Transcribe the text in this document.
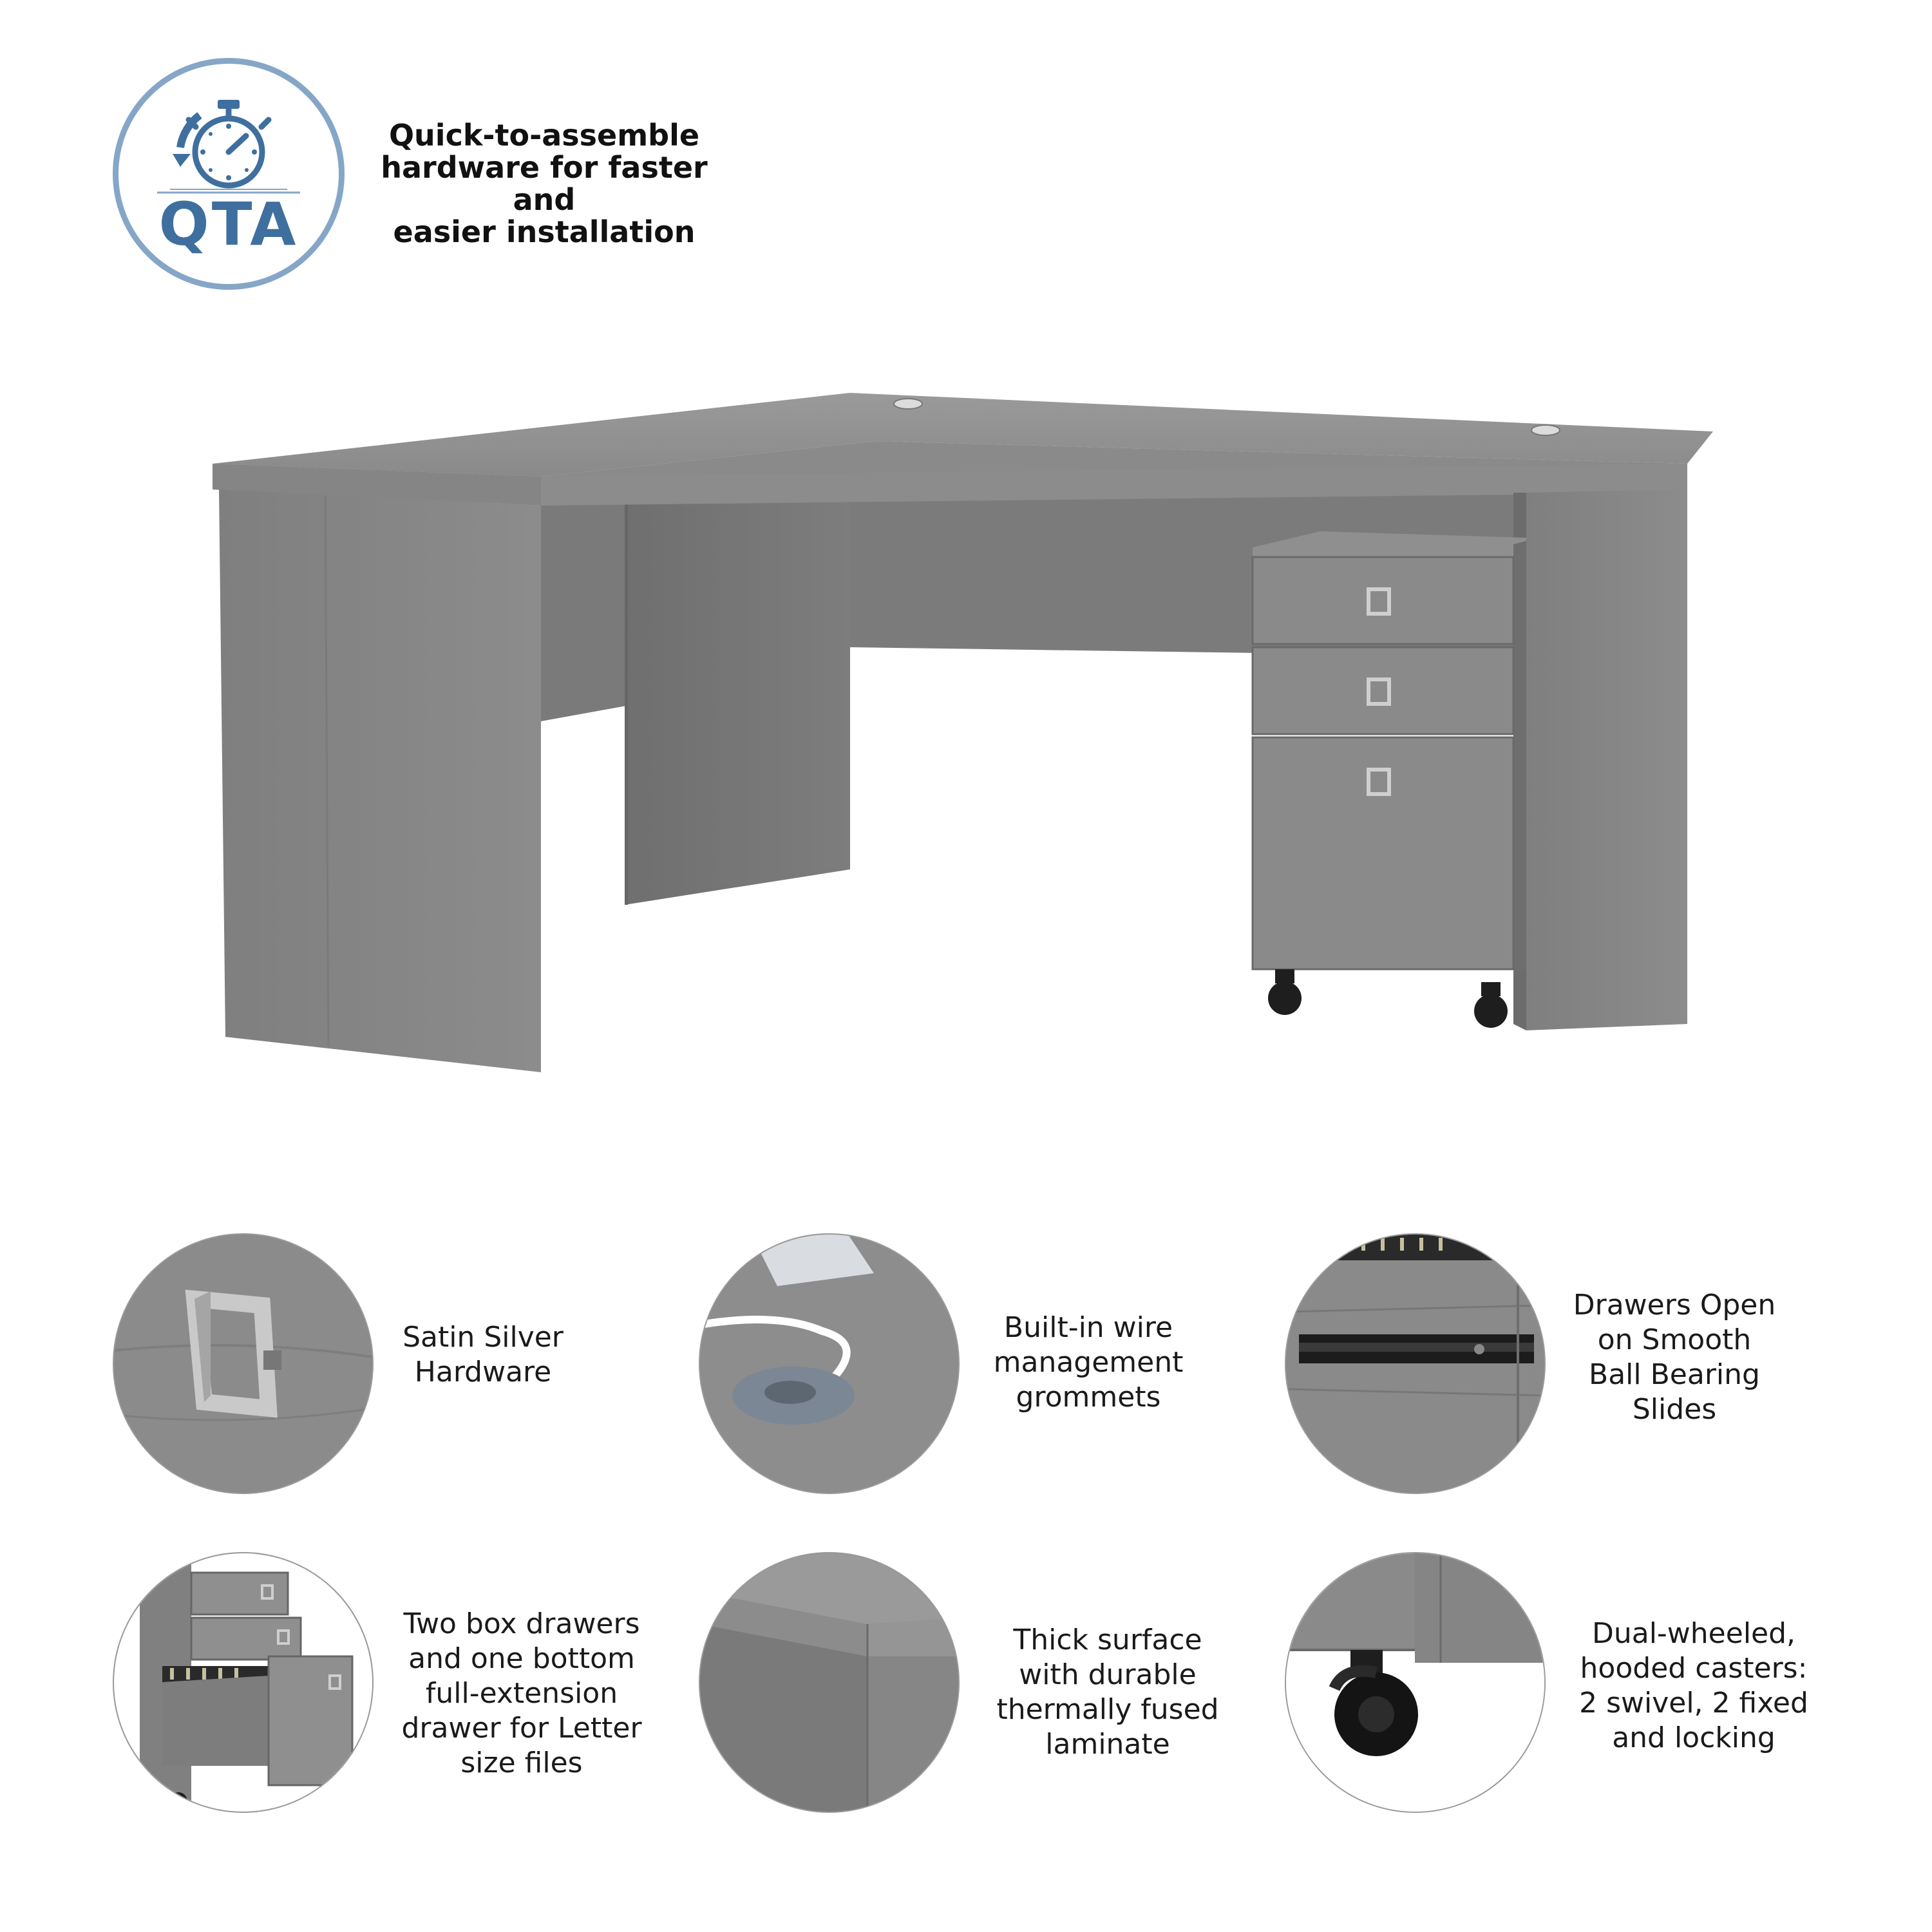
QTA
Quick-to-assemble
hardware for faster and
easier installation
Satin Silver
Hardware
Built-in wire
management
grommets
Drawers Open
on Smooth
Ball Bearing
Slides
Two box drawers
and one bottom
full-extension
drawer for Letter
size files
Thick surface
with durable
thermally fused
laminate
Dual-wheeled,
hooded casters:
2 swivel, 2 fixed
and locking
